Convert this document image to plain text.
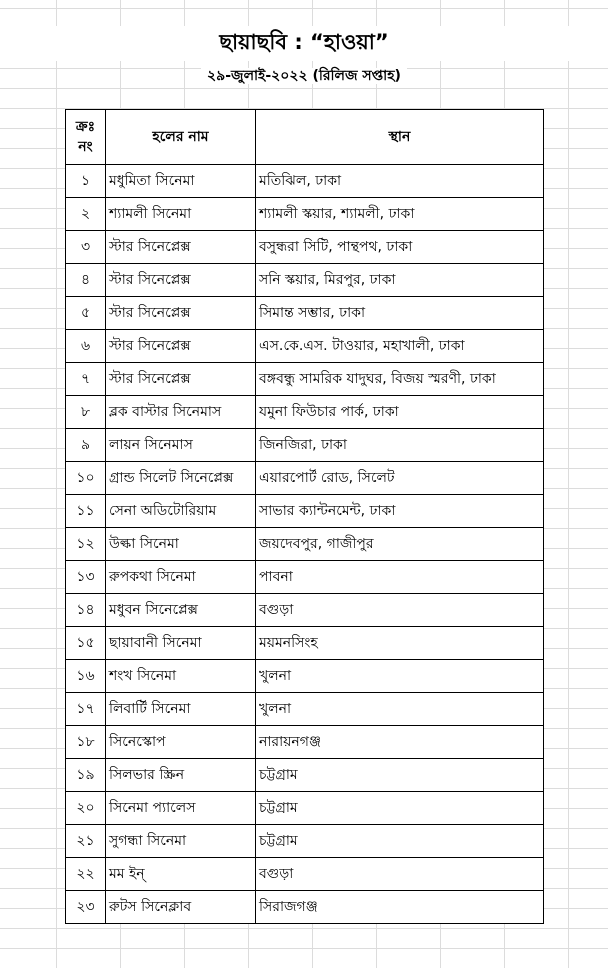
ছায়াছবি : “হাওয়া”
২৯-জুলাই-২০২২ (রিলিজ সপ্তাহ)
ক্রঃ
নং	হলের নাম	স্থান
১	মধুমিতা সিনেমা	মতিঝিল, ঢাকা
২	শ্যামলী সিনেমা	শ্যামলী স্কয়ার, শ্যামলী, ঢাকা
৩	স্টার সিনেপ্লেক্স	বসুন্ধরা সিটি, পান্থপথ, ঢাকা
৪	স্টার সিনেপ্লেক্স	সনি স্কয়ার, মিরপুর, ঢাকা
৫	স্টার সিনেপ্লেক্স	সিমান্ত সম্ভার, ঢাকা
৬	স্টার সিনেপ্লেক্স	এস.কে.এস. টাওয়ার, মহাখালী, ঢাকা
৭	স্টার সিনেপ্লেক্স	বঙ্গবন্ধু সামরিক যাদুঘর, বিজয় স্মরণী, ঢাকা
৮	ব্লক বাস্টার সিনেমাস	যমুনা ফিউচার পার্ক, ঢাকা
৯	লায়ন সিনেমাস	জিনজিরা, ঢাকা
১০	গ্রান্ড সিলেট সিনেপ্লেক্স	এয়ারপোর্ট রোড, সিলেট
১১	সেনা অডিটোরিয়াম	সাভার ক্যান্টনমেন্ট, ঢাকা
১২	উল্কা সিনেমা	জয়দেবপুর, গাজীপুর
১৩	রুপকথা সিনেমা	পাবনা
১৪	মধুবন সিনেপ্লেক্স	বগুড়া
১৫	ছায়াবানী সিনেমা	ময়মনসিংহ
১৬	শংখ সিনেমা	খুলনা
১৭	লিবার্টি সিনেমা	খুলনা
১৮	সিনেস্কোপ	নারায়নগঞ্জ
১৯	সিলভার স্ক্রিন	চট্টগ্রাম
২০	সিনেমা প্যালেস	চট্টগ্রাম
২১	সুগন্ধা সিনেমা	চট্টগ্রাম
২২	মম ইন্	বগুড়া
২৩	রুটস সিনেক্লাব	সিরাজগঞ্জ
